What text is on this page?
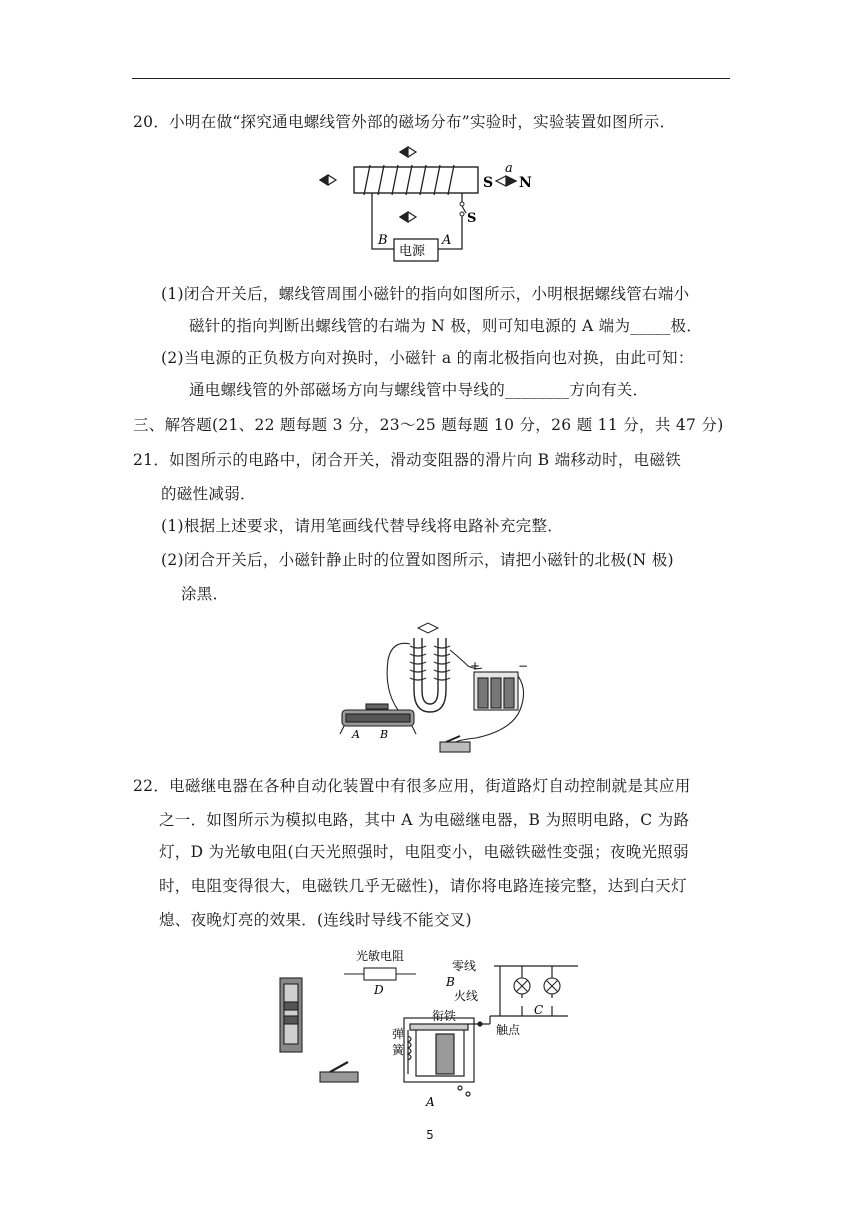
20．小明在做“探究通电螺线管外部的磁场分布”实验时，实验装置如图所示．
S
a
N
S
电源
B	A
(1)闭合开关后，螺线管周围小磁针的指向如图所示，小明根据螺线管右端小
磁针的指向判断出螺线管的右端为 N 极，则可知电源的 A 端为_____极．
(2)当电源的正负极方向对换时，小磁针 a 的南北极指向也对换，由此可知：
通电螺线管的外部磁场方向与螺线管中导线的________方向有关．
三、解答题(21、22 题每题 3 分，23～25 题每题 10 分，26 题 11 分，共 47 分)
21．如图所示的电路中，闭合开关，滑动变阻器的滑片向 B 端移动时，电磁铁
的磁性减弱．
(1)根据上述要求，请用笔画线代替导线将电路补充完整．
(2)闭合开关后，小磁针静止时的位置如图所示，请把小磁针的北极(N 极)
涂黑．
+	−
A B
22．电磁继电器在各种自动化装置中有很多应用，街道路灯自动控制就是其应用
之一．如图所示为模拟电路，其中 A 为电磁继电器，B 为照明电路，C 为路
灯，D 为光敏电阻(白天光照强时，电阻变小，电磁铁磁性变强；夜晚光照弱
时，电阻变得很大，电磁铁几乎无磁性)，请你将电路连接完整，达到白天灯
熄、夜晚灯亮的效果．(连线时导线不能交叉)
光敏电阻
D
零线
B
火线
C
衔铁
弹
簧
触点
A
5
